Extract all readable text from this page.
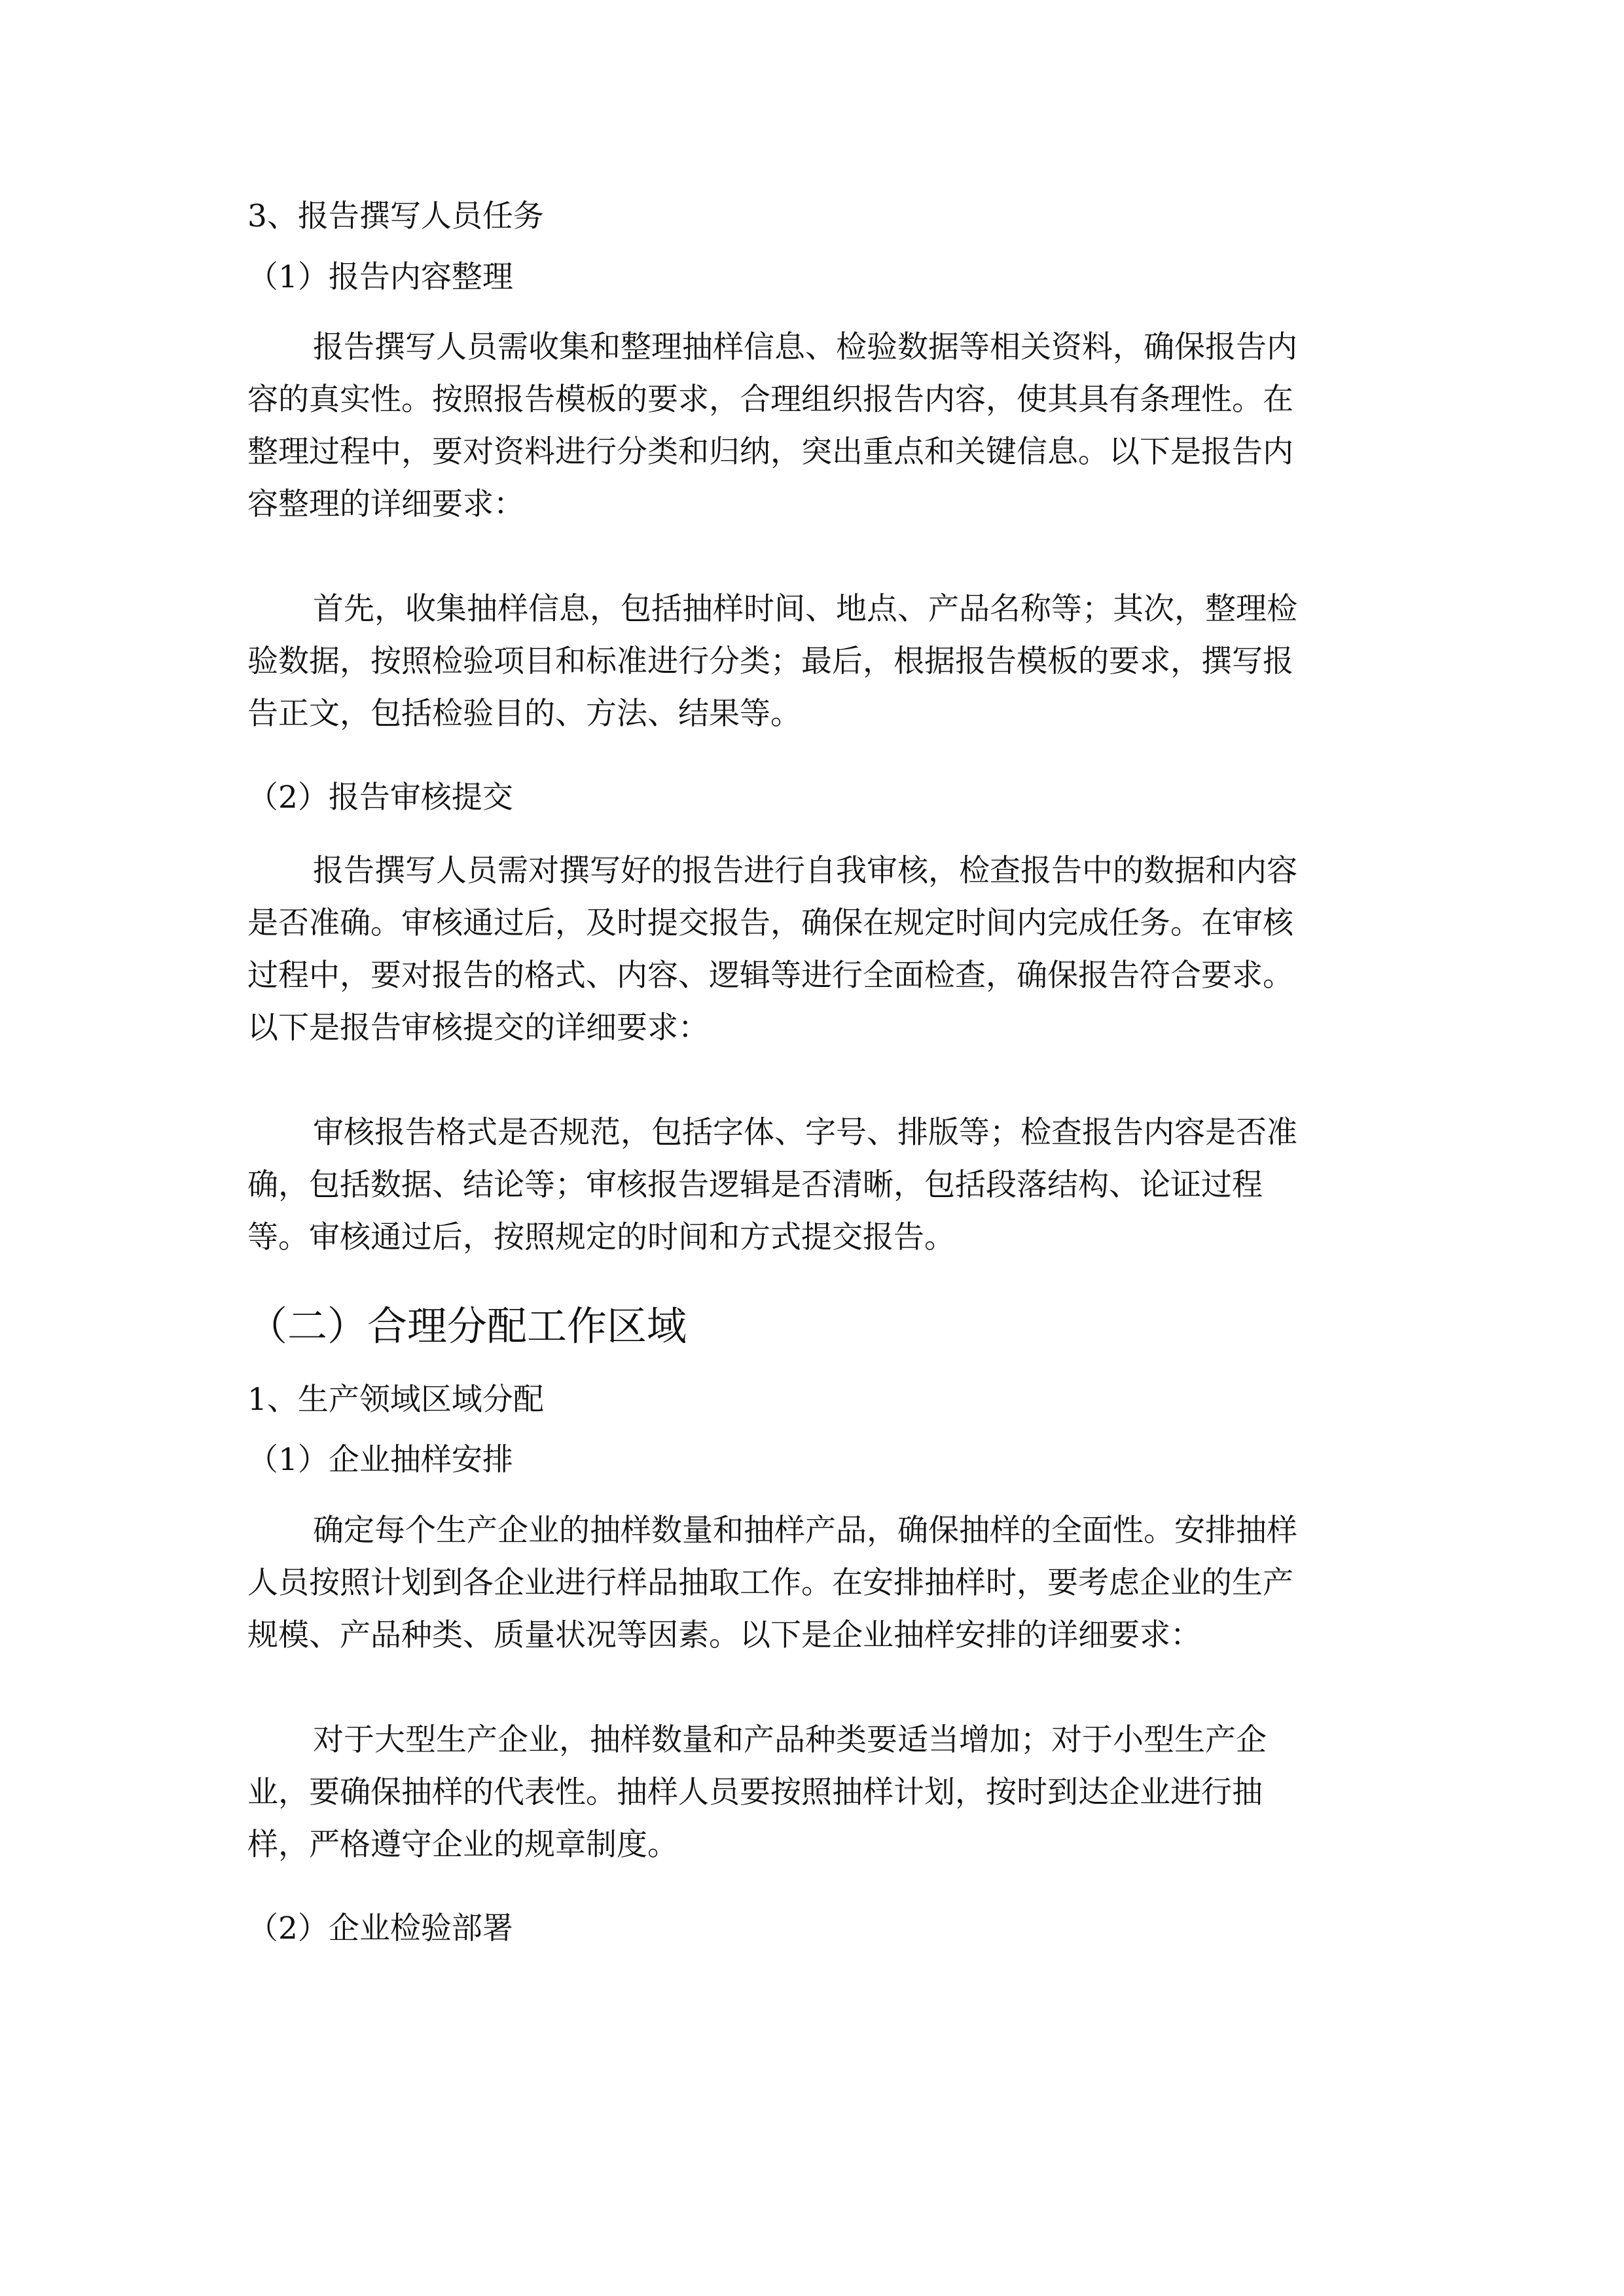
3、报告撰写人员任务

（1）报告内容整理

报告撰写人员需收集和整理抽样信息、检验数据等相关资料，确保报告内

容的真实性。按照报告模板的要求，合理组织报告内容，使其具有条理性。在

整理过程中，要对资料进行分类和归纳，突出重点和关键信息。以下是报告内

容整理的详细要求：

首先，收集抽样信息，包括抽样时间、地点、产品名称等；其次，整理检

验数据，按照检验项目和标准进行分类；最后，根据报告模板的要求，撰写报

告正文，包括检验目的、方法、结果等。

（2）报告审核提交

报告撰写人员需对撰写好的报告进行自我审核，检查报告中的数据和内容

是否准确。审核通过后，及时提交报告，确保在规定时间内完成任务。在审核

过程中，要对报告的格式、内容、逻辑等进行全面检查，确保报告符合要求。

以下是报告审核提交的详细要求：

审核报告格式是否规范，包括字体、字号、排版等；检查报告内容是否准

确，包括数据、结论等；审核报告逻辑是否清晰，包括段落结构、论证过程

等。审核通过后，按照规定的时间和方式提交报告。

（二）合理分配工作区域

1、生产领域区域分配

（1）企业抽样安排

确定每个生产企业的抽样数量和抽样产品，确保抽样的全面性。安排抽样

人员按照计划到各企业进行样品抽取工作。在安排抽样时，要考虑企业的生产

规模、产品种类、质量状况等因素。以下是企业抽样安排的详细要求：

对于大型生产企业，抽样数量和产品种类要适当增加；对于小型生产企

业，要确保抽样的代表性。抽样人员要按照抽样计划，按时到达企业进行抽

样，严格遵守企业的规章制度。

（2）企业检验部署
